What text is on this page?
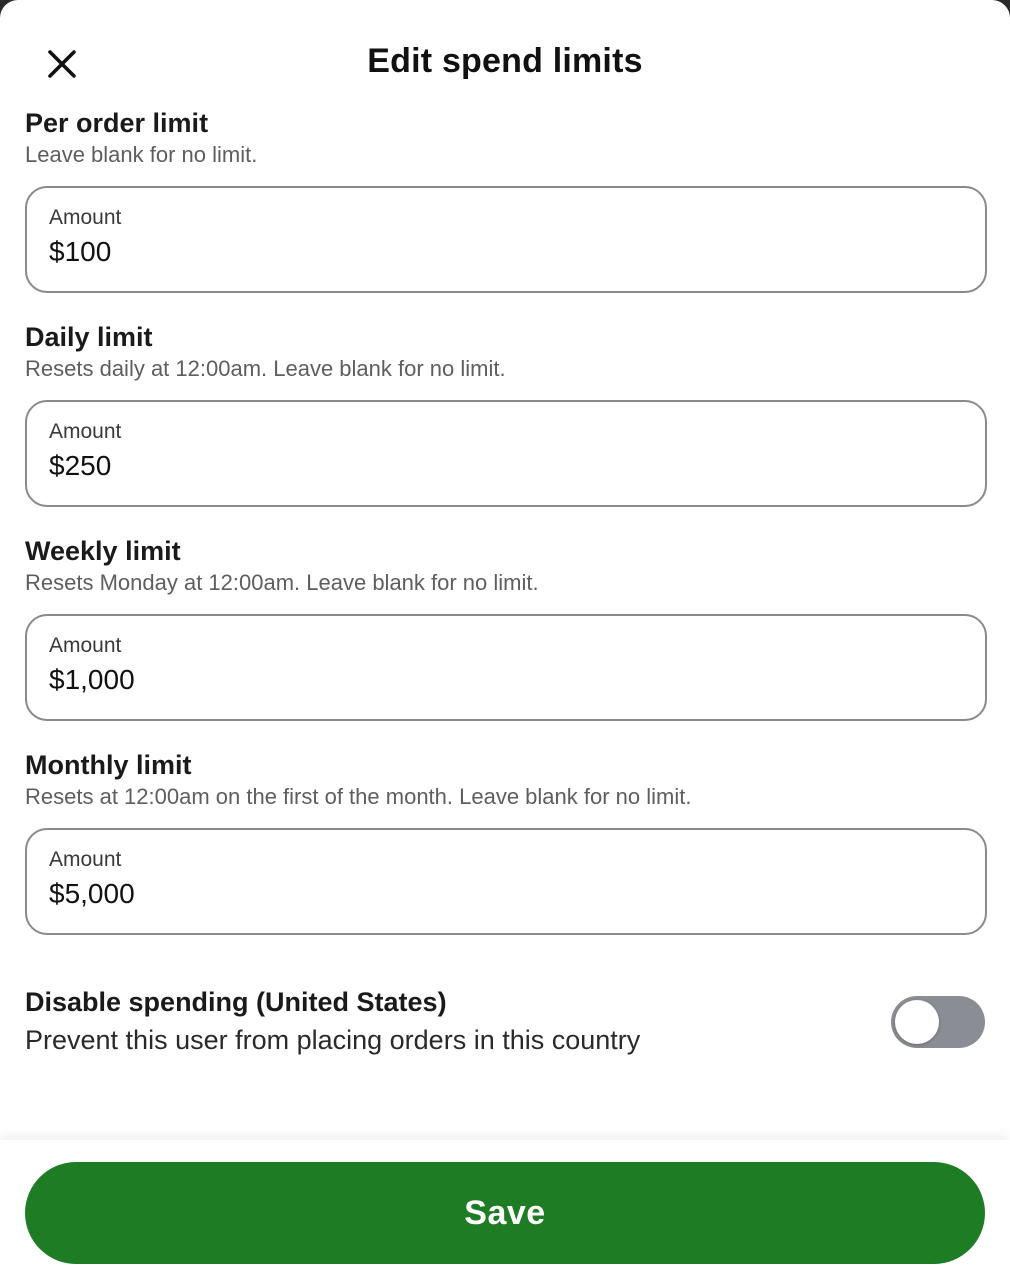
Edit spend limits
Per order limit
Leave blank for no limit.
Amount
$100
Daily limit
Resets daily at 12:00am. Leave blank for no limit.
Amount
$250
Weekly limit
Resets Monday at 12:00am. Leave blank for no limit.
Amount
$1,000
Monthly limit
Resets at 12:00am on the first of the month. Leave blank for no limit.
Amount
$5,000
Disable spending (United States)
Prevent this user from placing orders in this country
Save
